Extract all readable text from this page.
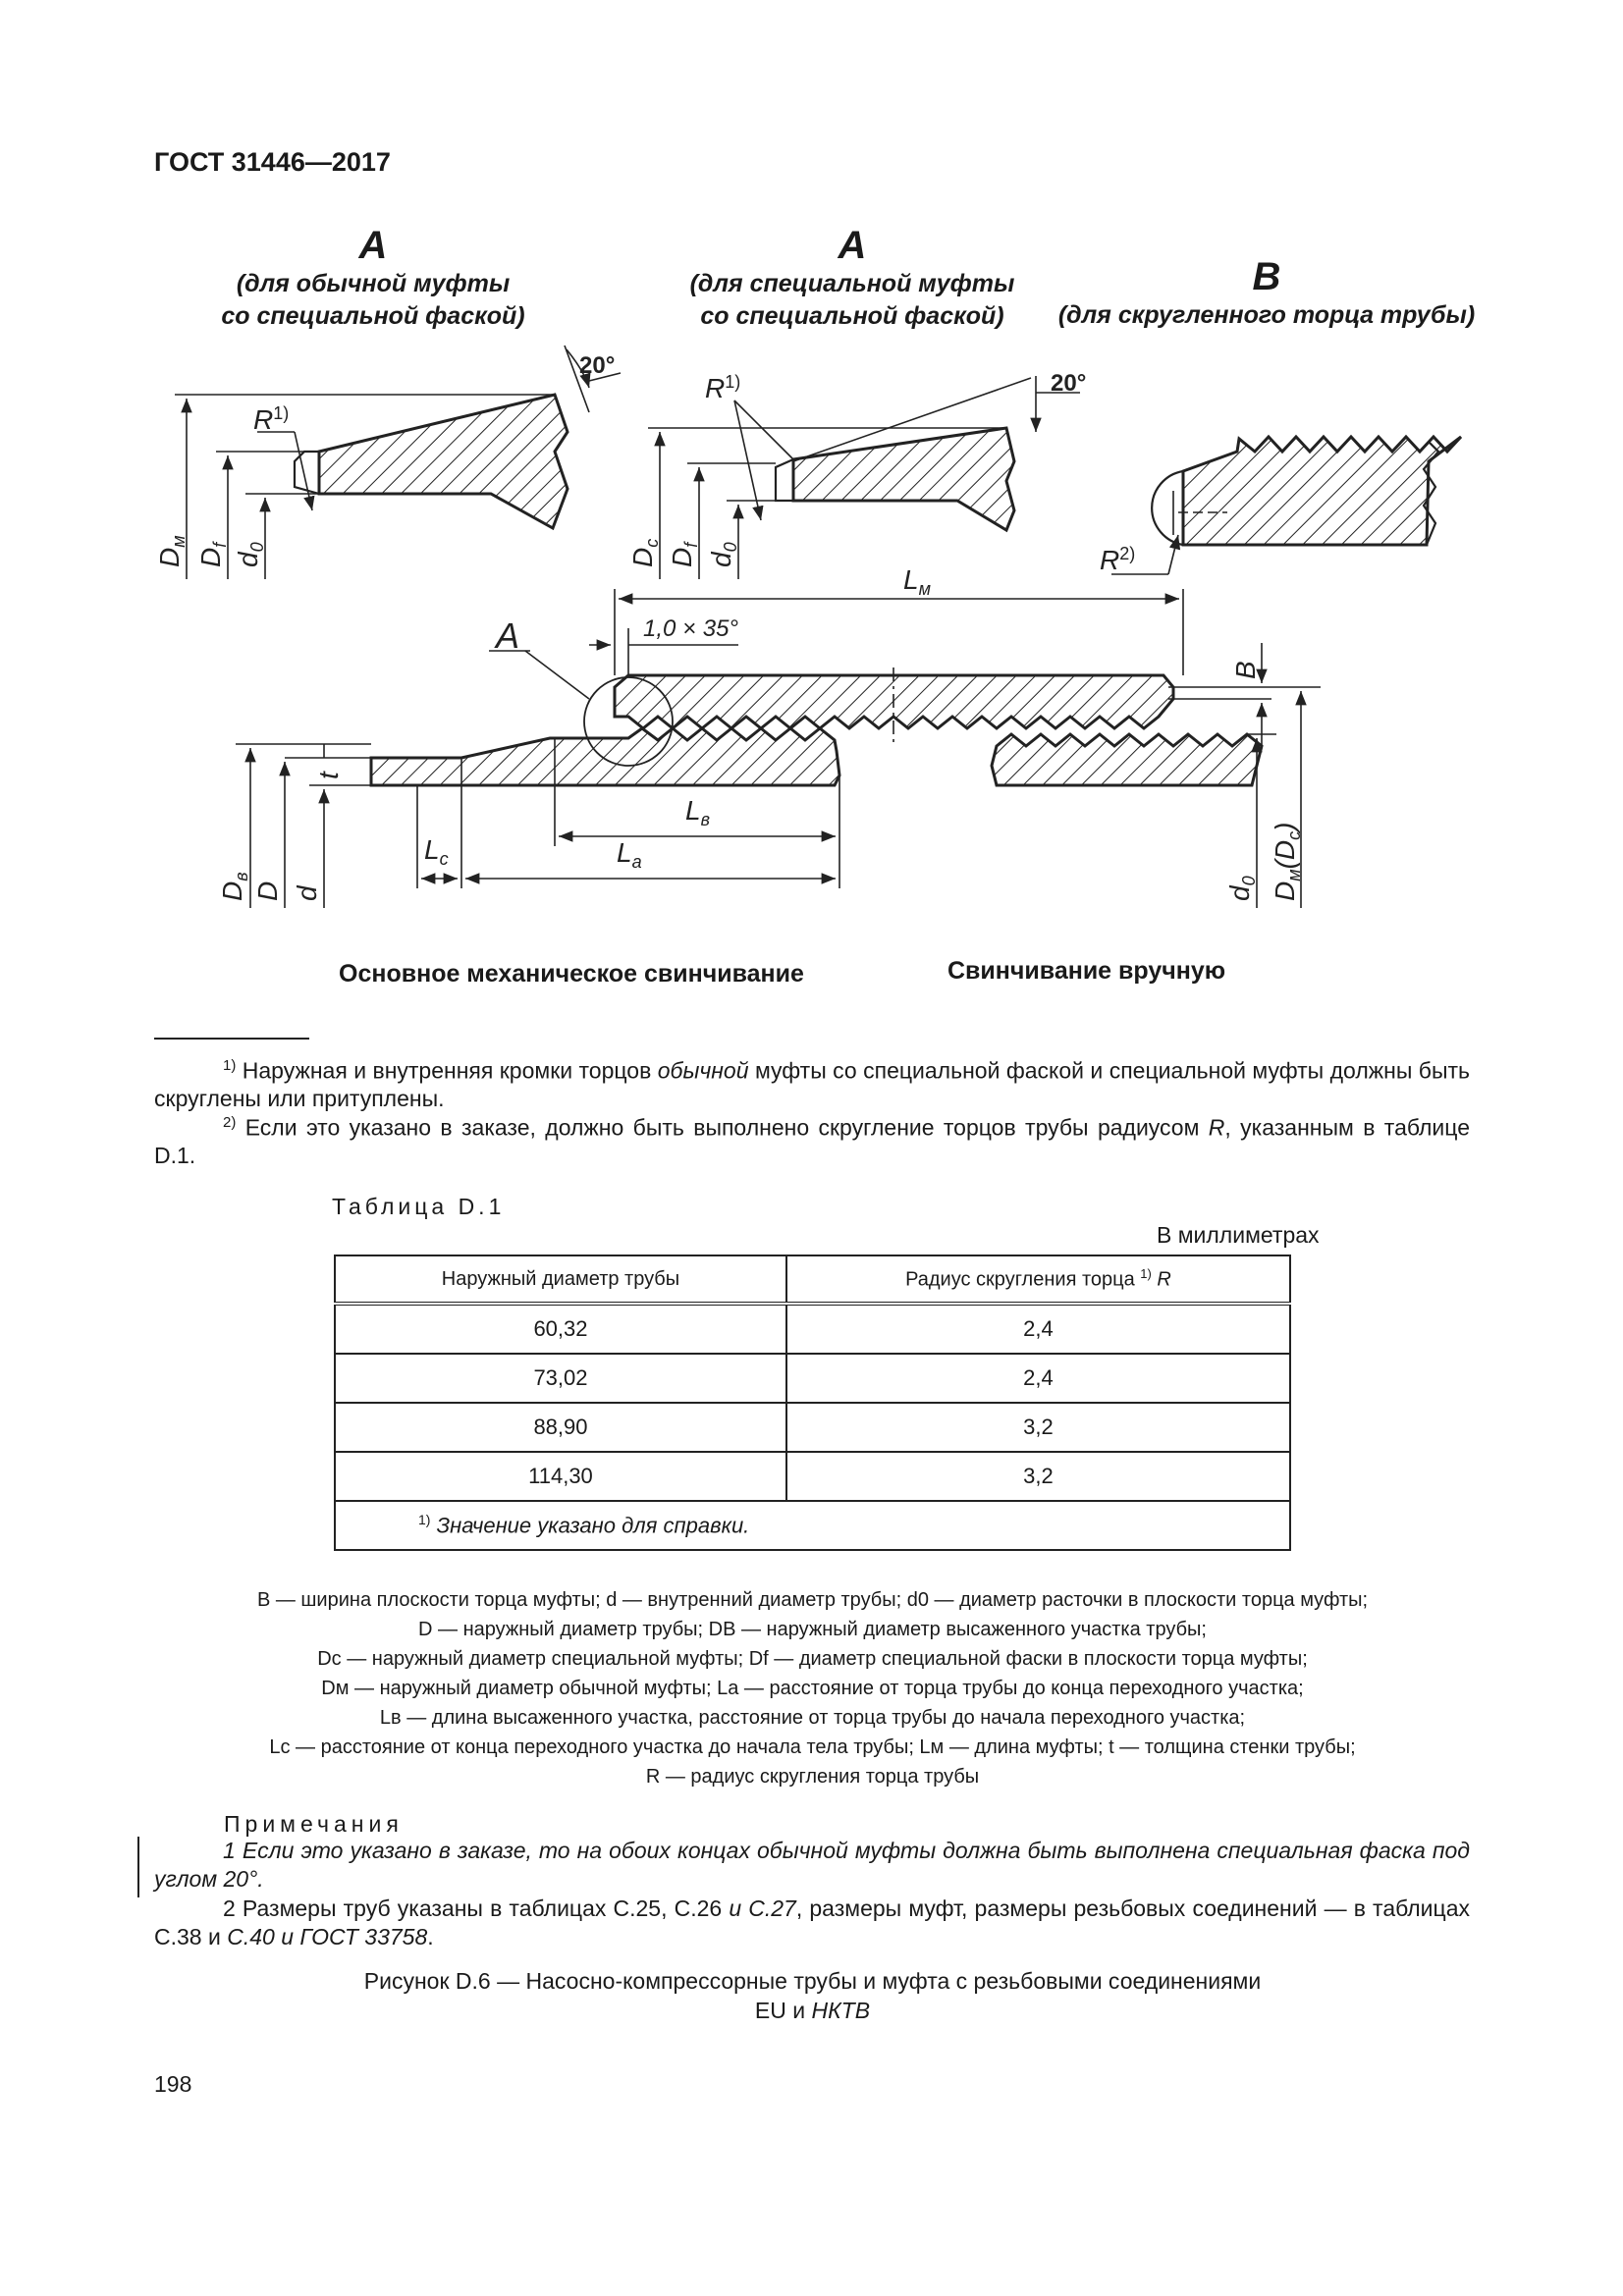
ГОСТ 31446—2017
A
(для обычной муфты
со специальной фаской)
A
(для специальной муфты
со специальной фаской)
B
(для скругленного торца трубы)
20°
20°
$R^{1)}$
$R^{1)}$
$R^{2)}$
$D_м$
$D_f$
$d_0$
$D_c$
$D_f$
$d_0$
$L_м$
1,0 × 35°
A
B
t
$L_в$
$L_а$
$L_c$
$D_в$
D d	$d_0$
$D_м(D_c)$
Основное механическое свинчивание	Свинчивание вручную
$^{1)}$ Наружная и внутренняя кромки торцов обычной муфты со специальной фаской и специальной муфты должны быть скруглены или притуплены.
$^{2)}$ Если это указано в заказе, должно быть выполнено скругление торцов трубы радиусом R, указанным в таблице D.1.
Таблица D.1
В миллиметрах
Наружный диаметр трубы	Радиус скругления торца $^{1)}$ R
60,32	2,4
73,02	2,4
88,90	3,2
114,30	3,2
$^{1)}$ Значение указано для справки.	
B — ширина плоскости торца муфты; d — внутренний диаметр трубы; d0 — диаметр расточки в плоскости торца муфты;
D — наружный диаметр трубы; DB — наружный диаметр высаженного участка трубы;
Dc — наружный диаметр специальной муфты; Df — диаметр специальной фаски в плоскости торца муфты;
Dм — наружный диаметр обычной муфты; La — расстояние от торца трубы до конца переходного участка;
Lв — длина высаженного участка, расстояние от торца трубы до начала переходного участка;
Lc — расстояние от конца переходного участка до начала тела трубы; Lм — длина муфты; t — толщина стенки трубы;
R — радиус скругления торца трубы
Примечания
1 Если это указано в заказе, то на обоих концах обычной муфты должна быть выполнена специальная фаска под углом 20°.
2 Размеры труб указаны в таблицах С.25, С.26 и С.27, размеры муфт, размеры резьбовых соединений — в таблицах С.38 и С.40 и ГОСТ 33758.
Рисунок D.6 — Насосно-компрессорные трубы и муфта с резьбовыми соединениями
EU и НКТВ
198
